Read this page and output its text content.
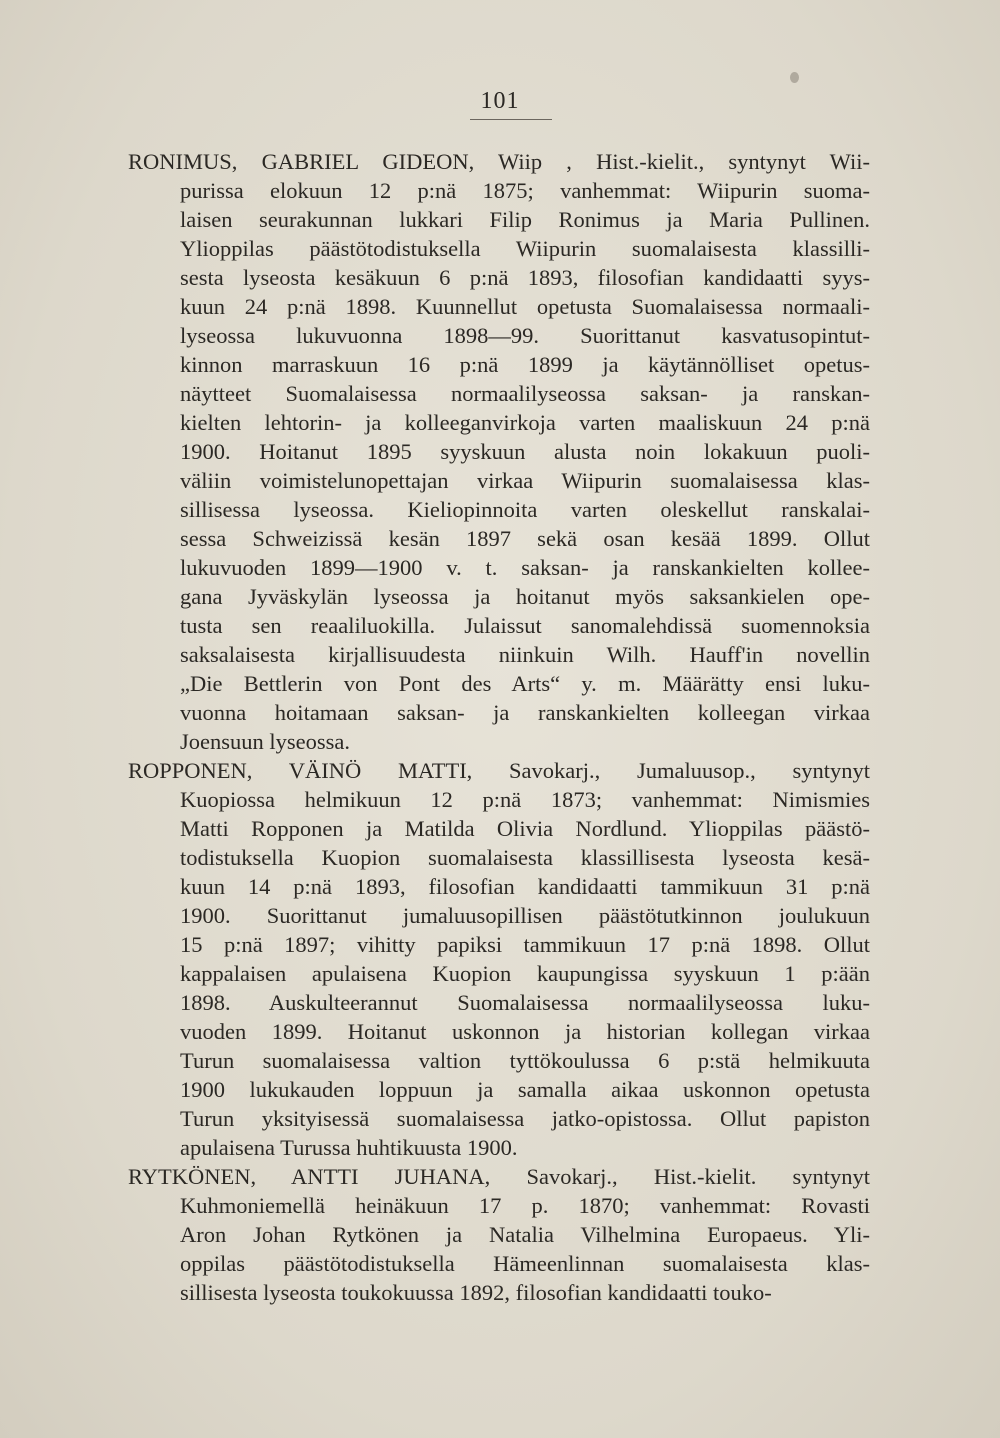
101
RONIMUS, GABRIEL GIDEON, Wiip , Hist.-kielit., syntynyt Wii-
purissa elokuun 12 p:nä 1875; vanhemmat: Wiipurin suoma-
laisen seurakunnan lukkari Filip Ronimus ja Maria Pullinen.
Ylioppilas päästötodistuksella Wiipurin suomalaisesta klassilli-
sesta lyseosta kesäkuun 6 p:nä 1893, filosofian kandidaatti syys-
kuun 24 p:nä 1898. Kuunnellut opetusta Suomalaisessa normaali-
lyseossa lukuvuonna 1898—99. Suorittanut kasvatusopintut-
kinnon marraskuun 16 p:nä 1899 ja käytännölliset opetus-
näytteet Suomalaisessa normaalilyseossa saksan- ja ranskan-
kielten lehtorin- ja kolleeganvirkoja varten maaliskuun 24 p:nä
1900. Hoitanut 1895 syyskuun alusta noin lokakuun puoli-
väliin voimistelunopettajan virkaa Wiipurin suomalaisessa klas-
sillisessa lyseossa. Kieliopinnoita varten oleskellut ranskalai-
sessa Schweizissä kesän 1897 sekä osan kesää 1899. Ollut
lukuvuoden 1899—1900 v. t. saksan- ja ranskankielten kollee-
gana Jyväskylän lyseossa ja hoitanut myös saksankielen ope-
tusta sen reaaliluokilla. Julaissut sanomalehdissä suomennoksia
saksalaisesta kirjallisuudesta niinkuin Wilh. Hauff'in novellin
„Die Bettlerin von Pont des Arts“ y. m. Määrätty ensi luku-
vuonna hoitamaan saksan- ja ranskankielten kolleegan virkaa
Joensuun lyseossa.
ROPPONEN, VÄINÖ MATTI, Savokarj., Jumaluusop., syntynyt
Kuopiossa helmikuun 12 p:nä 1873; vanhemmat: Nimismies
Matti Ropponen ja Matilda Olivia Nordlund. Ylioppilas päästö-
todistuksella Kuopion suomalaisesta klassillisesta lyseosta kesä-
kuun 14 p:nä 1893, filosofian kandidaatti tammikuun 31 p:nä
1900. Suorittanut jumaluusopillisen päästötutkinnon joulukuun
15 p:nä 1897; vihitty papiksi tammikuun 17 p:nä 1898. Ollut
kappalaisen apulaisena Kuopion kaupungissa syyskuun 1 p:ään
1898. Auskulteerannut Suomalaisessa normaalilyseossa luku-
vuoden 1899. Hoitanut uskonnon ja historian kollegan virkaa
Turun suomalaisessa valtion tyttökoulussa 6 p:stä helmikuuta
1900 lukukauden loppuun ja samalla aikaa uskonnon opetusta
Turun yksityisessä suomalaisessa jatko-opistossa. Ollut papiston
apulaisena Turussa huhtikuusta 1900.
RYTKÖNEN, ANTTI JUHANA, Savokarj., Hist.-kielit. syntynyt
Kuhmoniemellä heinäkuun 17 p. 1870; vanhemmat: Rovasti
Aron Johan Rytkönen ja Natalia Vilhelmina Europaeus. Yli-
oppilas päästötodistuksella Hämeenlinnan suomalaisesta klas-
sillisesta lyseosta toukokuussa 1892, filosofian kandidaatti touko-
